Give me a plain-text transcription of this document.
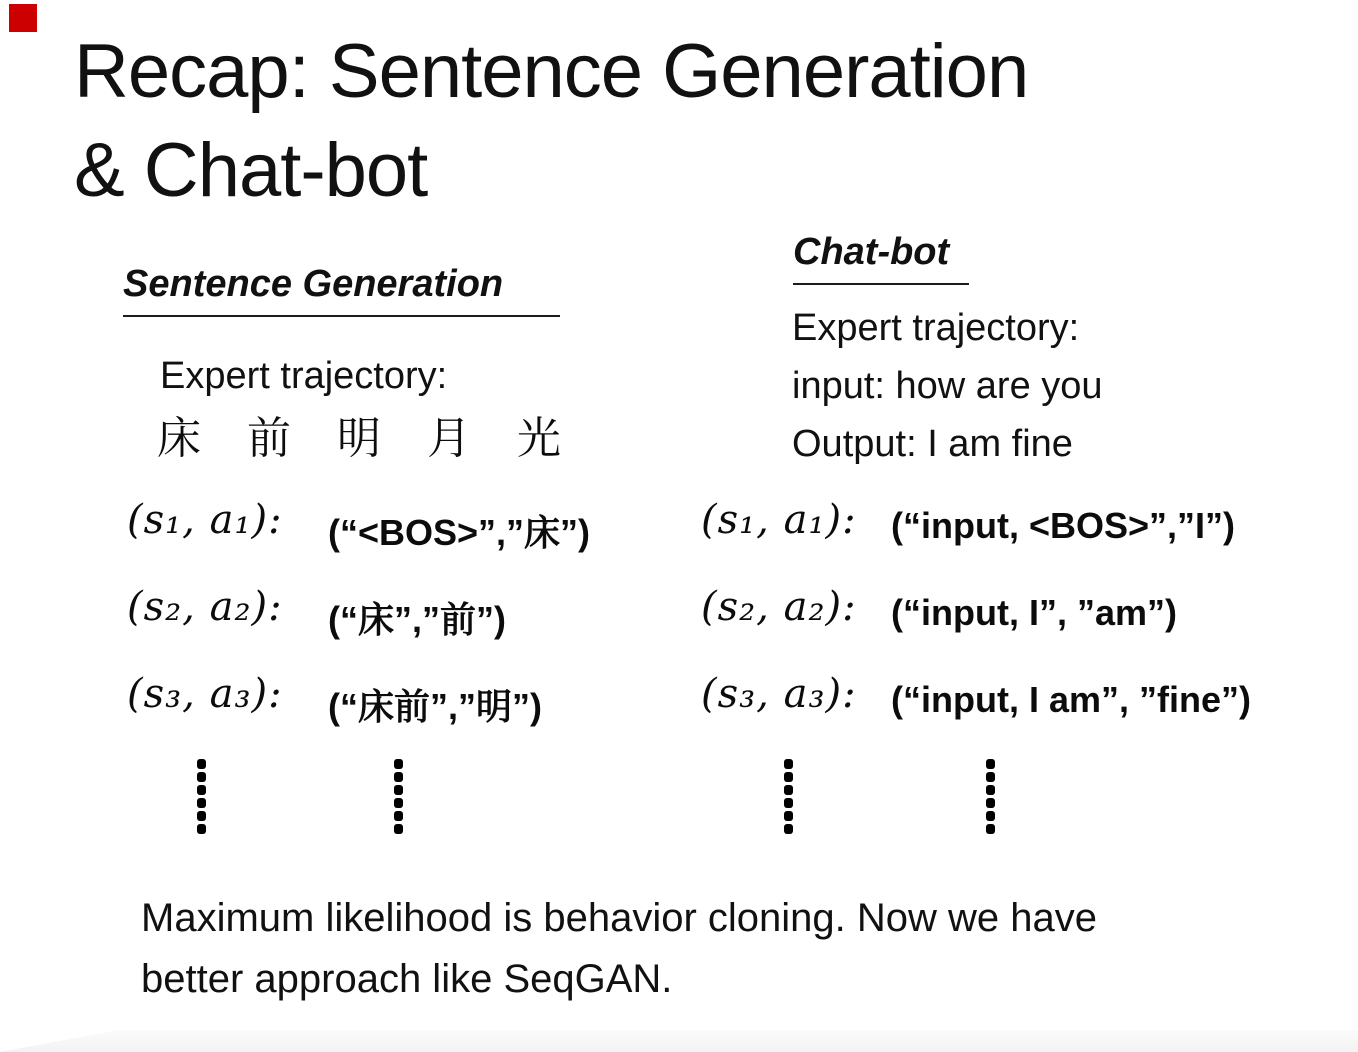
Recap: Sentence Generation
& Chat-bot
Sentence Generation
Expert trajectory:
床 前 明 月 光
(s₁, a₁): (“<BOS>”,”床”)
(s₂, a₂): (“床”,”前”)
(s₃, a₃): (“床前”,”明”)
Chat-bot
Expert trajectory:
input: how are you
Output: I am fine
(s₁, a₁): (“input, <BOS>”,”I”)
(s₂, a₂): (“input, I”, ”am”)
(s₃, a₃): (“input, I am”, ”fine”)
Maximum likelihood is behavior cloning. Now we have
better approach like SeqGAN.
